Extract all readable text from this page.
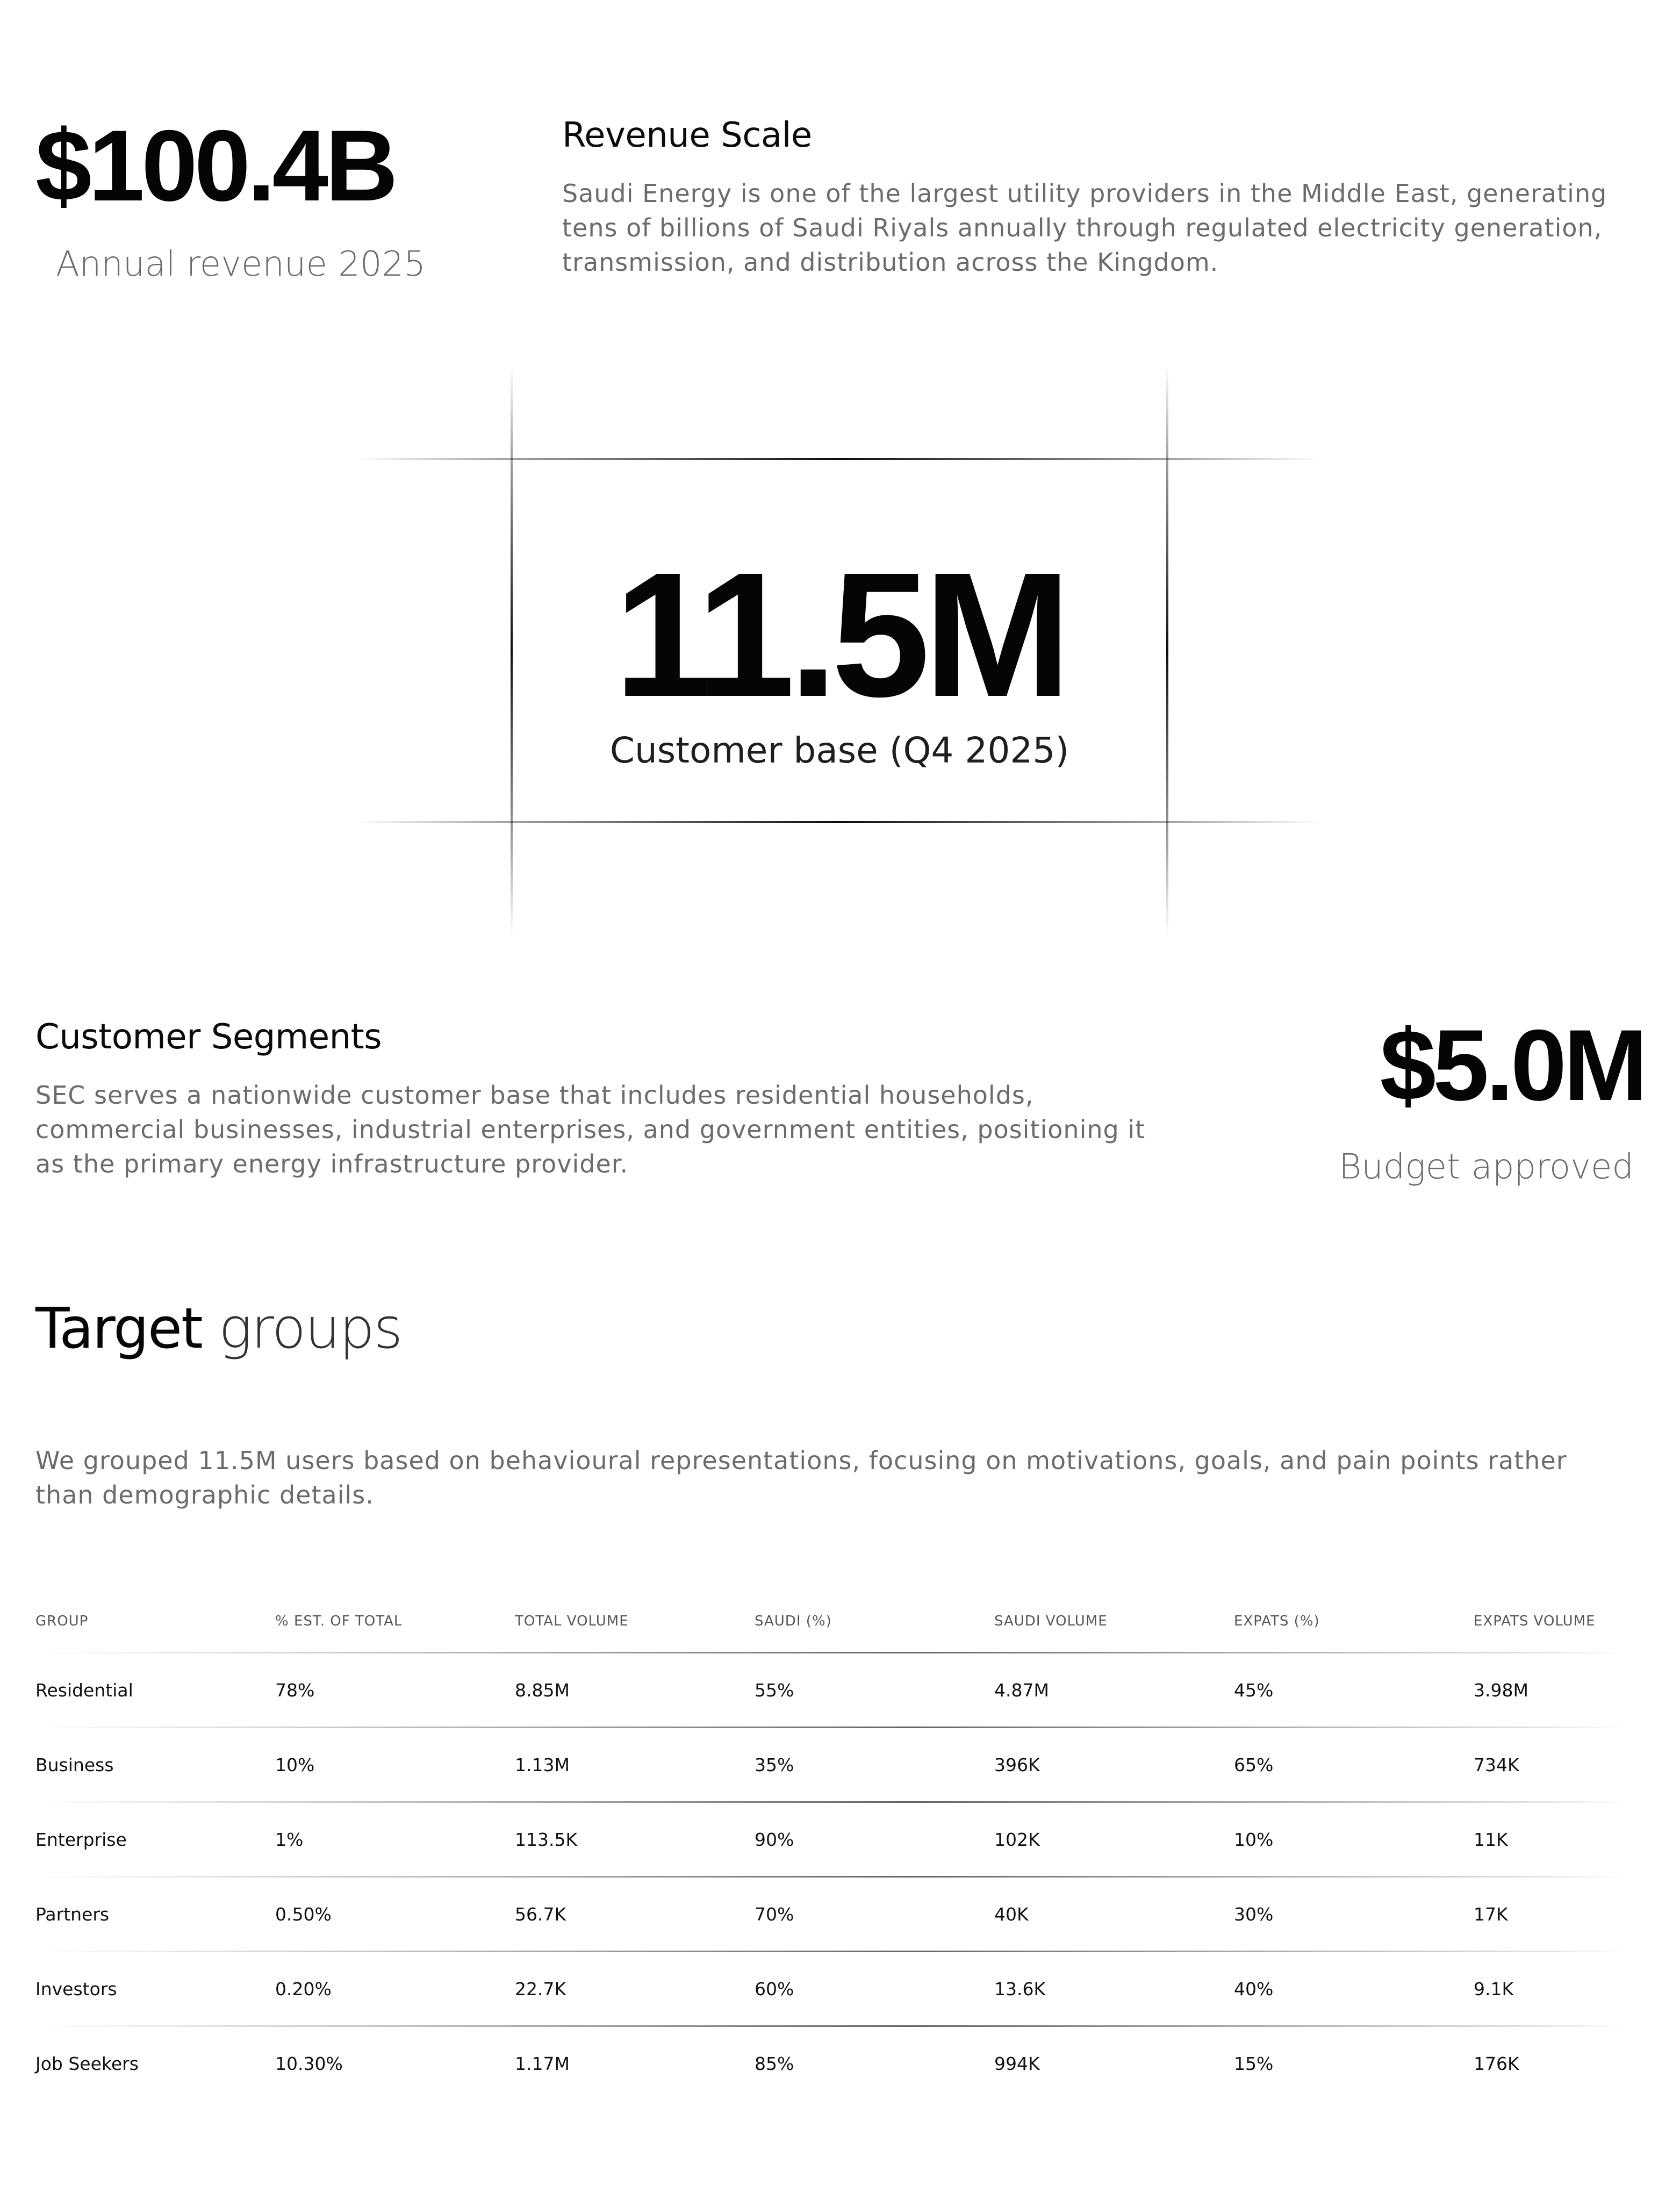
$100.4B
Annual revenue 2025
Revenue Scale
Saudi Energy is one of the largest utility providers in the Middle East, generating tens of billions of Saudi Riyals annually through regulated electricity generation, transmission, and distribution across the Kingdom.
11.5M
Customer base (Q4 2025)
Customer Segments
SEC serves a nationwide customer base that includes residential households, commercial businesses, industrial enterprises, and government entities, positioning it as the primary energy infrastructure provider.
$5.0M
Budget approved
Target groups
We grouped 11.5M users based on behavioural representations, focusing on motivations, goals, and pain points rather than demographic details.
GROUP	% EST. OF TOTAL	TOTAL VOLUME	SAUDI (%)	SAUDI VOLUME	EXPATS (%)	EXPATS VOLUME

Residential	78%	8.85M	55%	4.87M	45%	3.98M

Business	10%	1.13M	35%	396K	65%	734K

Enterprise	1%	113.5K	90%	102K	10%	11K

Partners	0.50%	56.7K	70%	40K	30%	17K

Investors	0.20%	22.7K	60%	13.6K	40%	9.1K

Job Seekers	10.30%	1.17M	85%	994K	15%	176K
